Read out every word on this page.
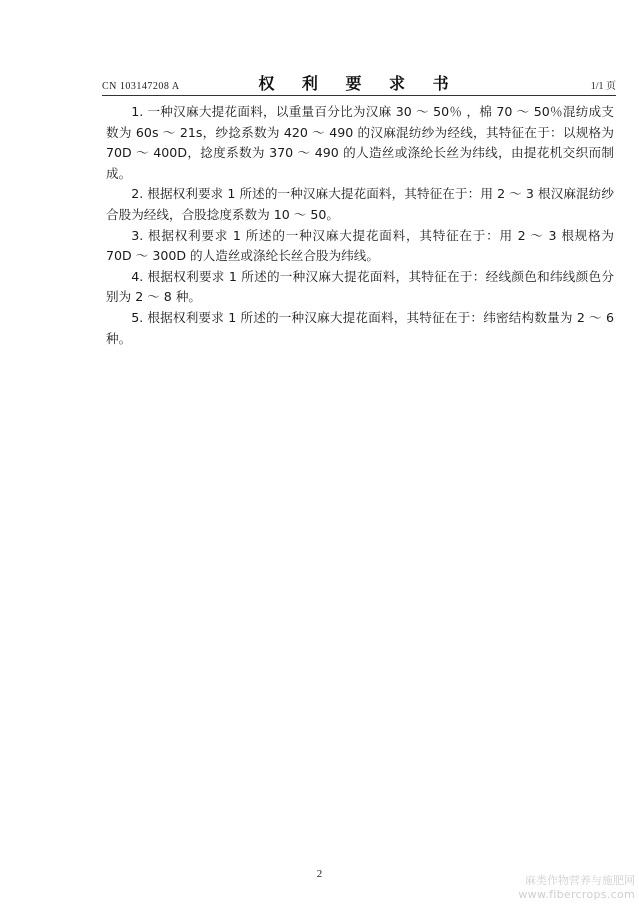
CN 103147208 A	权 利 要 求 书	1/1 页

1. 一种汉麻大提花面料，以重量百分比为汉麻 30 ～ 50％ ，棉 70 ～ 50％混纺成支数为 60s ～ 21s，纱捻系数为 420 ～ 490 的汉麻混纺纱为经线，其特征在于：以规格为 70D ～ 400D，捻度系数为 370 ～ 490 的人造丝或涤纶长丝为纬线，由提花机交织而制成。

2. 根据权利要求 1 所述的一种汉麻大提花面料，其特征在于：用 2 ～ 3 根汉麻混纺纱合股为经线，合股捻度系数为 10 ～ 50。

3. 根据权利要求 1 所述的一种汉麻大提花面料，其特征在于：用 2 ～ 3 根规格为 70D ～ 300D 的人造丝或涤纶长丝合股为纬线。

4. 根据权利要求 1 所述的一种汉麻大提花面料，其特征在于：经线颜色和纬线颜色分别为 2 ～ 8 种。

5. 根据权利要求 1 所述的一种汉麻大提花面料，其特征在于：纬密结构数量为 2 ～ 6 种。

2	麻类作物营养与施肥网
www.fibercrops.com
